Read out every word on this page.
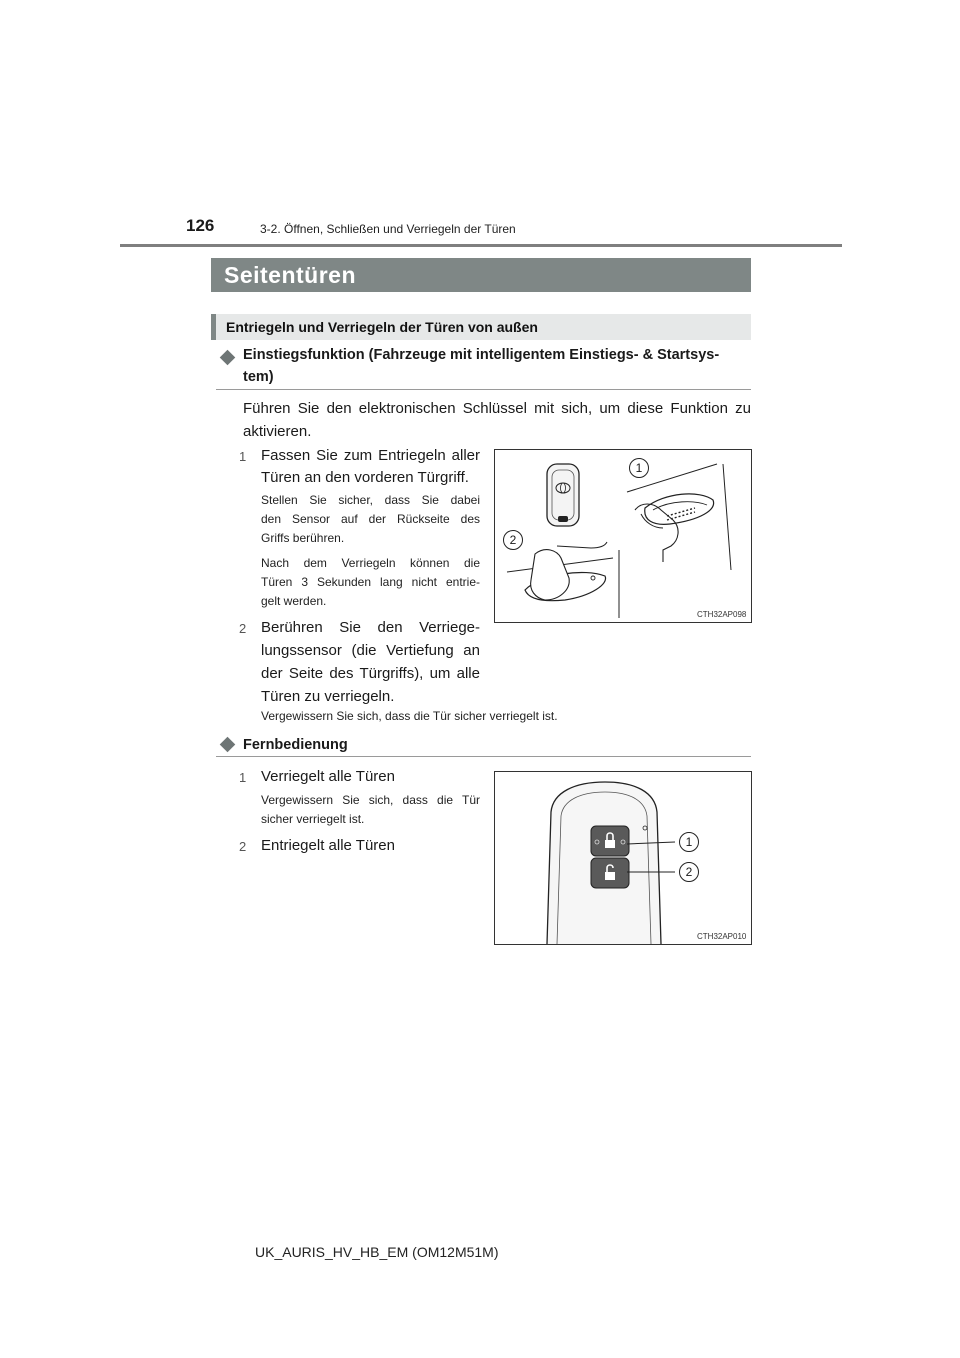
126	3-2. Öffnen, Schließen und Verriegeln der Türen
Seitentüren
Entriegeln und Verriegeln der Türen von außen
Einstiegsfunktion (Fahrzeuge mit intelligentem Einstiegs- & Startsys-
tem)
Führen Sie den elektronischen Schlüssel mit sich, um diese Funktion zu
aktivieren.
1 Fassen Sie zum Entriegeln aller
Türen an den vorderen Türgriff.
Stellen Sie sicher, dass Sie dabei
den Sensor auf der Rückseite des
Griffs berühren.
Nach dem Verriegeln können die
Türen 3 Sekunden lang nicht entrie-
gelt werden.
2 Berühren Sie den Verriege-
lungssensor (die Vertiefung an
der Seite des Türgriffs), um alle
Türen zu verriegeln.
Vergewissern Sie sich, dass die Tür sicher verriegelt ist.
1
2
CTH32AP098
Fernbedienung
1 Verriegelt alle Türen
Vergewissern Sie sich, dass die Tür
sicher verriegelt ist.
2 Entriegelt alle Türen	1
2
CTH32AP010
UK_AURIS_HV_HB_EM (OM12M51M)
